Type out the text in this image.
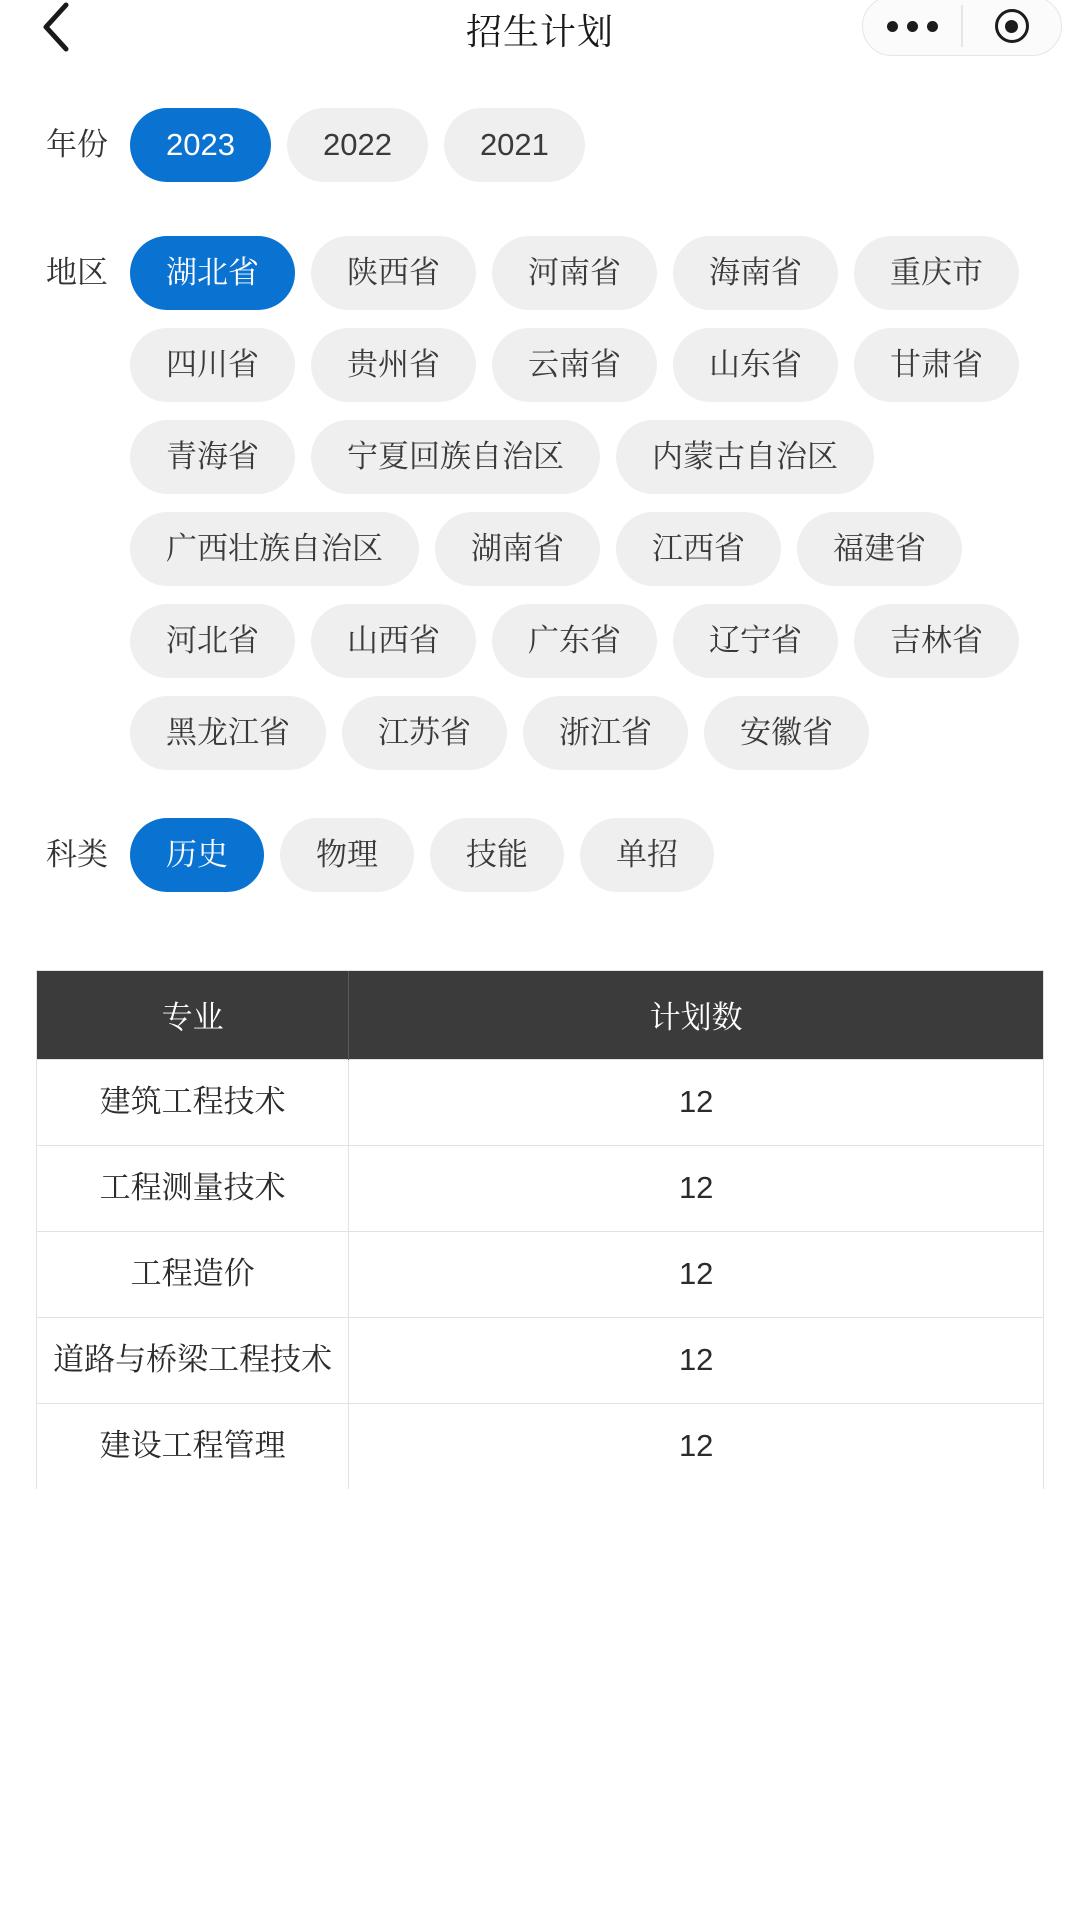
招生计划
年份	2023	2022	2021
地区	湖北省	陕西省	河南省	海南省	重庆市
四川省	贵州省	云南省	山东省	甘肃省
青海省	宁夏回族自治区	内蒙古自治区
广西壮族自治区	湖南省	江西省	福建省
河北省	山西省	广东省	辽宁省	吉林省
黑龙江省	江苏省	浙江省	安徽省
科类	历史	物理	技能	单招
专业	计划数
建筑工程技术	12
工程测量技术	12
工程造价	12
道路与桥梁工程技术	12
建设工程管理	12
